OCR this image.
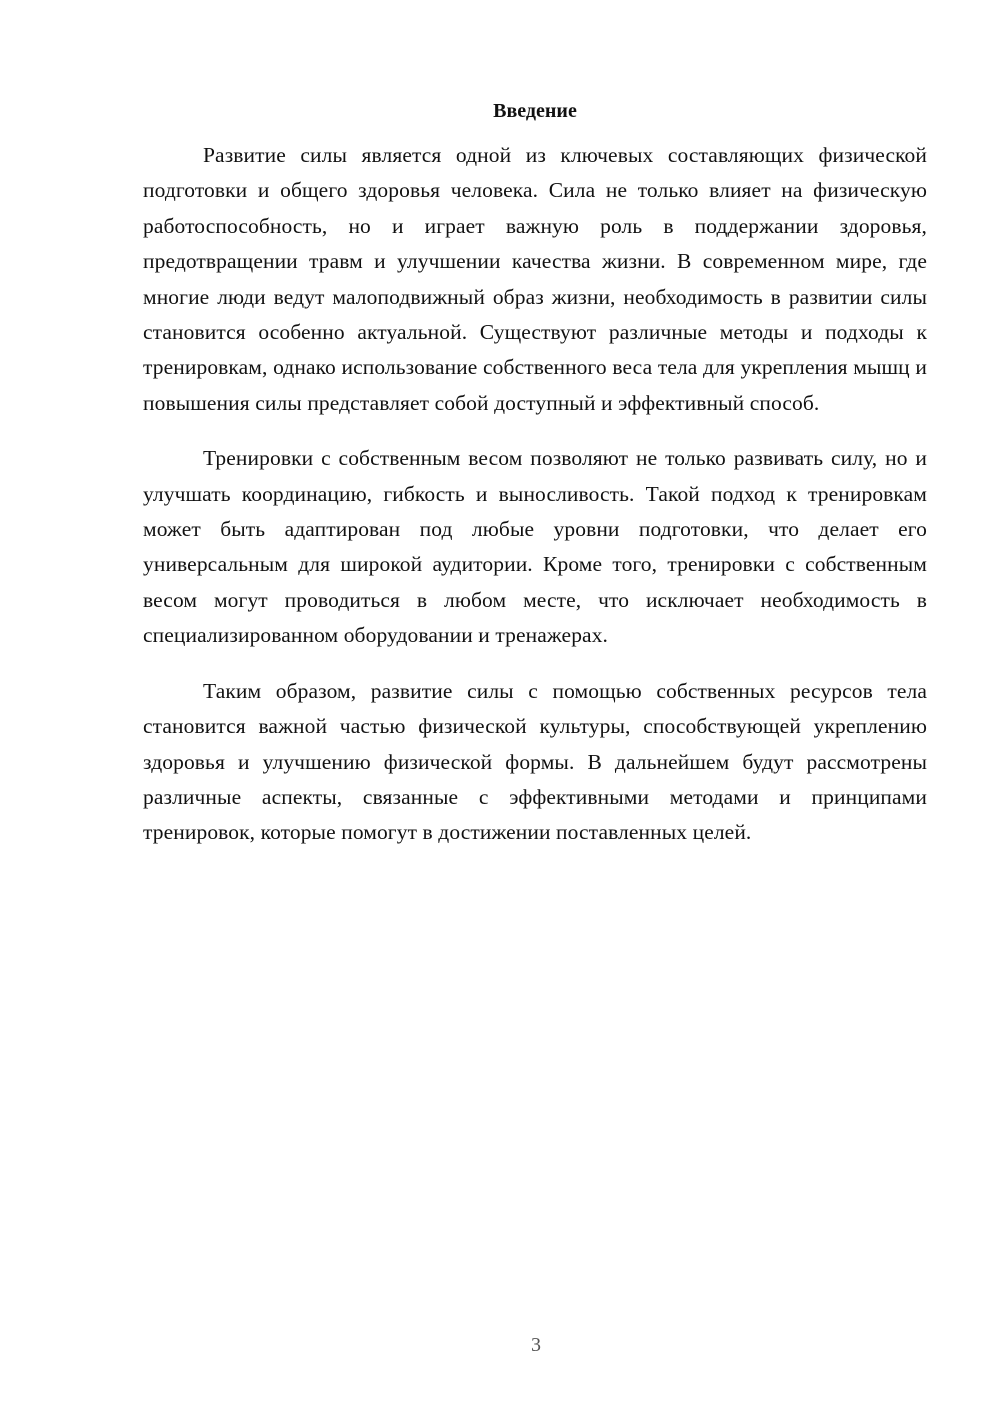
Введение

Развитие силы является одной из ключевых составляющих физической подготовки и общего здоровья человека. Сила не только влияет на физическую работоспособность, но и играет важную роль в поддержании здоровья, предотвращении травм и улучшении качества жизни. В современном мире, где многие люди ведут малоподвижный образ жизни, необходимость в развитии силы становится особенно актуальной. Существуют различные методы и подходы к тренировкам, однако использование собственного веса тела для укрепления мышц и повышения силы представляет собой доступный и эффективный способ.

Тренировки с собственным весом позволяют не только развивать силу, но и улучшать координацию, гибкость и выносливость. Такой подход к тренировкам может быть адаптирован под любые уровни подготовки, что делает его универсальным для широкой аудитории. Кроме того, тренировки с собственным весом могут проводиться в любом месте, что исключает необходимость в специализированном оборудовании и тренажерах.

Таким образом, развитие силы с помощью собственных ресурсов тела становится важной частью физической культуры, способствующей укреплению здоровья и улучшению физической формы. В дальнейшем будут рассмотрены различные аспекты, связанные с эффективными методами и принципами тренировок, которые помогут в достижении поставленных целей.

3
